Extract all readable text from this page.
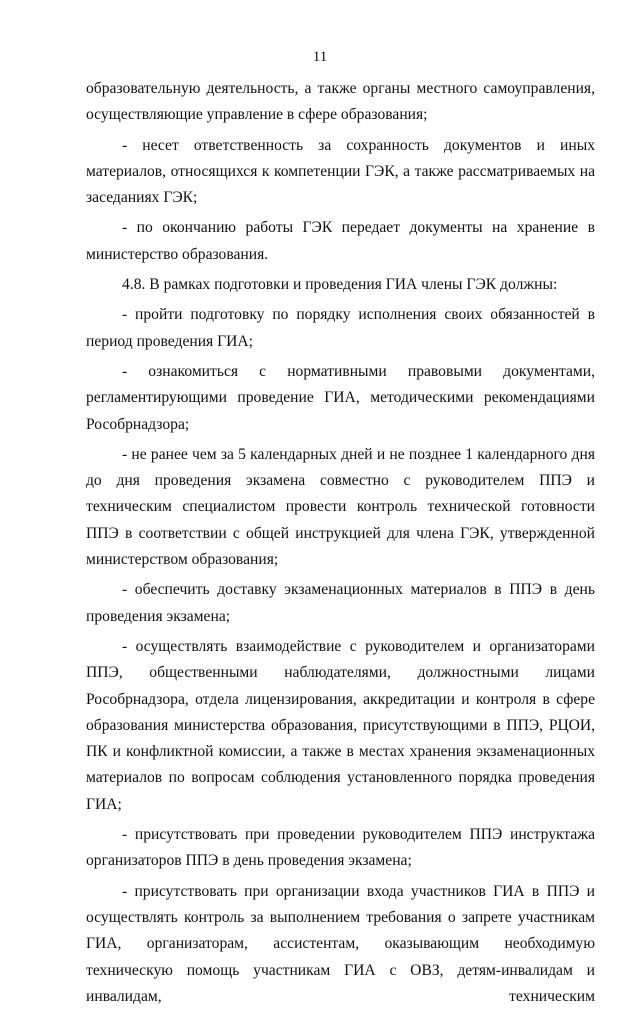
11

образовательную деятельность, а также органы местного самоуправления, осуществляющие управление в сфере образования;

- несет ответственность за сохранность документов и иных материалов, относящихся к компетенции ГЭК, а также рассматриваемых на заседаниях ГЭК;

- по окончанию работы ГЭК передает документы на хранение в министерство образования.

4.8. В рамках подготовки и проведения ГИА члены ГЭК должны:

- пройти подготовку по порядку исполнения своих обязанностей в период проведения ГИА;

- ознакомиться с нормативными правовыми документами, регламентирующими проведение ГИА, методическими рекомендациями Рособрнадзора;

- не ранее чем за 5 календарных дней и не позднее 1 календарного дня до дня проведения экзамена совместно с руководителем ППЭ и техническим специалистом провести контроль технической готовности ППЭ в соответствии с общей инструкцией для члена ГЭК, утвержденной министерством образования;

- обеспечить доставку экзаменационных материалов в ППЭ в день проведения экзамена;

- осуществлять взаимодействие с руководителем и организаторами ППЭ, общественными наблюдателями, должностными лицами Рособрнадзора, отдела лицензирования, аккредитации и контроля в сфере образования министерства образования, присутствующими в ППЭ, РЦОИ, ПК и конфликтной комиссии, а также в местах хранения экзаменационных материалов по вопросам соблюдения установленного порядка проведения ГИА;

- присутствовать при проведении руководителем ППЭ инструктажа организаторов ППЭ в день проведения экзамена;

- присутствовать при организации входа участников ГИА в ППЭ и осуществлять контроль за выполнением требования о запрете участникам ГИА, организаторам, ассистентам, оказывающим необходимую техническую помощь участникам ГИА с ОВЗ, детям-инвалидам и инвалидам, техническим
